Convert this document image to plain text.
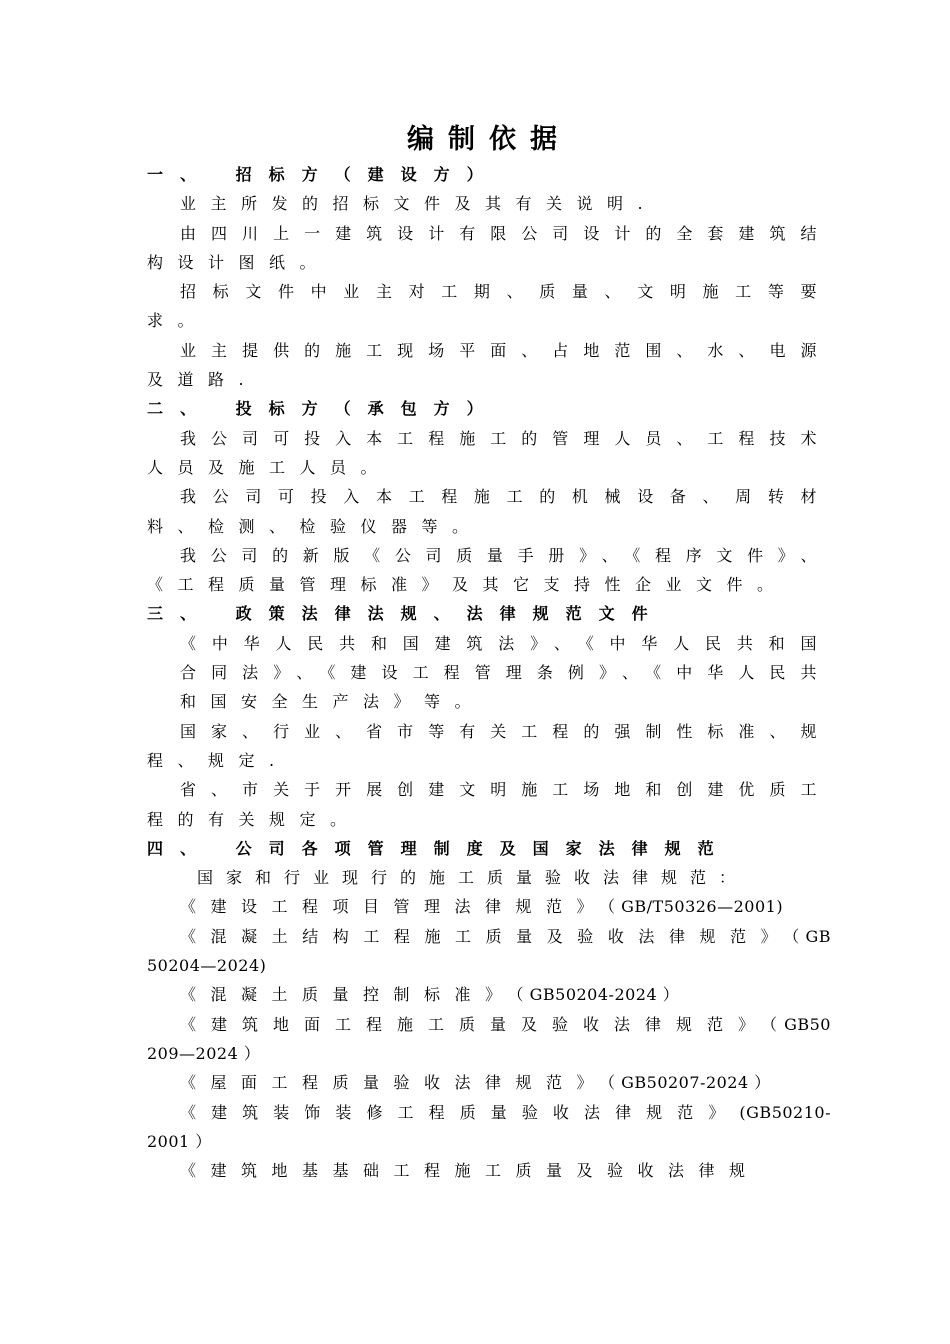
编制依据
一、 招标方（建设方）

业主所发的招标文件及其有关说明.

由四川上一建筑设计有限公司设计的全套建筑结构设计图纸。

招标文件中业主对工期、质量、文明施工等要求。

业主提供的施工现场平面、占地范围、水、电源及道路.

二、 投标方（承包方）

我公司可投入本工程施工的管理人员、工程技术人员及施工人员。

我公司可投入本工程施工的机械设备、周转材料、检测、检验仪器等。

我公司的新版《公司质量手册》、《程序文件》、《工程质量管理标准》及其它支持性企业文件。

三、 政策法律法规、法律规范文件

《中华人民共和国建筑法》、《中华人民共和国合同法》、《建设工程管理条例》、《中华人民共和国安全生产法》等。

国家、行业、省市等有关工程的强制性标准、规程、规定.

省、市关于开展创建文明施工场地和创建优质工程的有关规定。

四、 公司各项管理制度及国家法律规范

国家和行业现行的施工质量验收法律规范：

《建设工程项目管理法律规范》（ GB/T50326—2001)

《混凝土结构工程施工质量及验收法律规范》（ GB50204—2024)

《混凝土质量控制标准》（ GB50204-2024 ）

《建筑地面工程施工质量及验收法律规范》（ GB50209—2024 ）

《屋面工程质量验收法律规范》（ GB50207-2024 ）

《建筑装饰装修工程质量验收法律规范》(GB50210-2001 ）

《建筑地基基础工程施工质量及验收法律规
